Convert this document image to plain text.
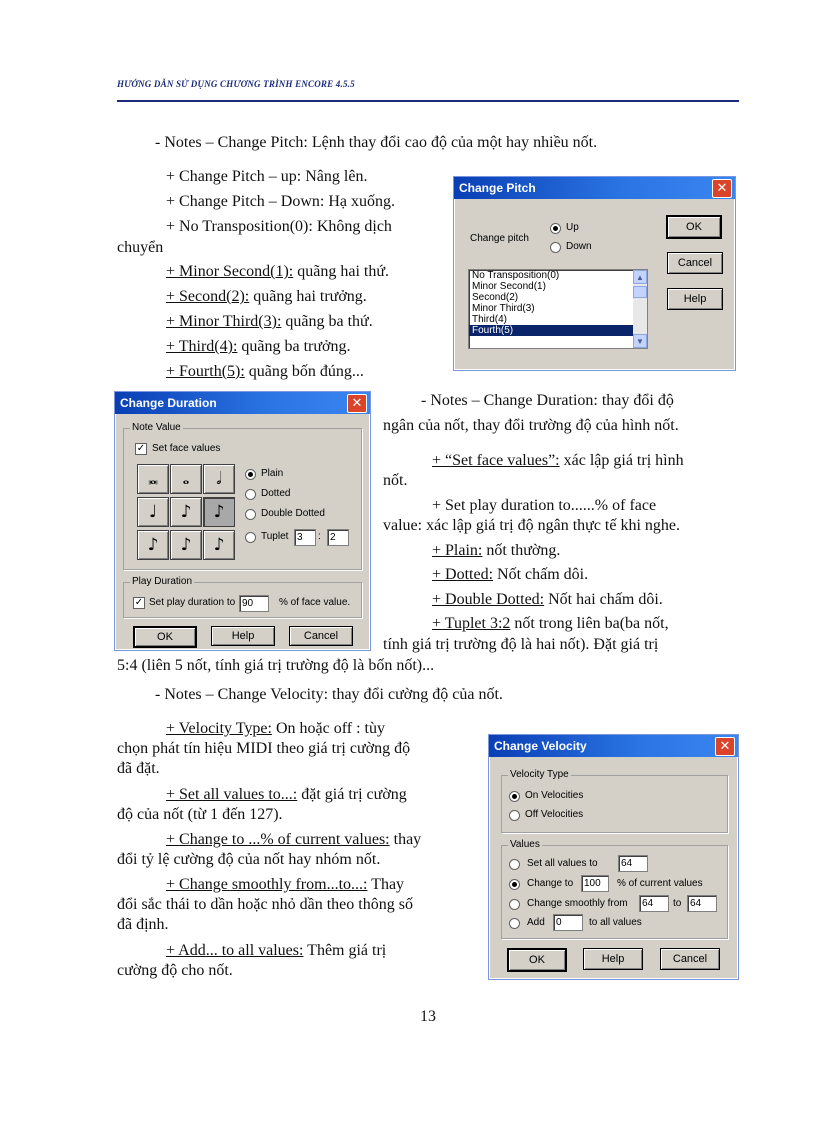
HƯỚNG DẪN SỬ DỤNG CHƯƠNG TRÌNH ENCORE 4.5.5
- Notes – Change Pitch: Lệnh thay đổi cao độ của một hay nhiều nốt.
+ Change Pitch – up: Nâng lên.
+ Change Pitch – Down: Hạ xuống.
+ No Transposition(0): Không dịch
chuyển
+ Minor Second(1): quãng hai thứ.
+ Second(2): quãng hai trưởng.
+ Minor Third(3): quãng ba thứ.
+ Third(4): quãng ba trưởng.
+ Fourth(5): quãng bốn đúng...
Change Pitch	✕
Change pitch
Up
Down
No Transposition(0)
Minor Second(1)
Second(2)
Minor Third(3)
Third(4)
Fourth(5)
▲
▼
OK
Cancel
Help
Change Duration	✕
Note Value
✓ Set face values
𝅜	𝅝	𝅗𝅥
♩	♪	♪
♪	♪	♪
Plain
Dotted
Double Dotted
Tuplet 3	: 2
Play Duration
✓ Set play duration to 90	% of face value.
OK	Help	Cancel
- Notes – Change Duration: thay đổi độ
ngân của nốt, thay đổi trường độ của hình nốt.
+ “Set face values”: xác lập giá trị hình
nốt.
+ Set play duration to......% of face
value: xác lập giá trị độ ngân thực tế khi nghe.
+ Plain: nốt thường.
+ Dotted: Nốt chấm dôi.
+ Double Dotted: Nốt hai chấm dôi.
+ Tuplet 3:2 nốt trong liên ba(ba nốt,
tính giá trị trường độ là hai nốt). Đặt giá trị
5:4 (liên 5 nốt, tính giá trị trường độ là bốn nốt)...
- Notes – Change Velocity: thay đổi cường độ của nốt.
+ Velocity Type: On hoặc off : tùy
chọn phát tín hiệu MIDI theo giá trị cường độ
đã đặt.
+ Set all values to...: đặt giá trị cường
độ của nốt (từ 1 đến 127).
+ Change to ...% of current values: thay
đổi tỷ lệ cường độ của nốt hay nhóm nốt.
+ Change smoothly from...to...: Thay
đổi sắc thái to dần hoặc nhỏ dần theo thông số
đã định.
+ Add... to all values: Thêm giá trị
cường độ cho nốt.
Change Velocity	✕
Velocity Type
On Velocities
Off Velocities
Values
Set all values to	64
Change to	100	% of current values
Change smoothly from	64	to 64
Add	0	to all values
OK	Help	Cancel
13
